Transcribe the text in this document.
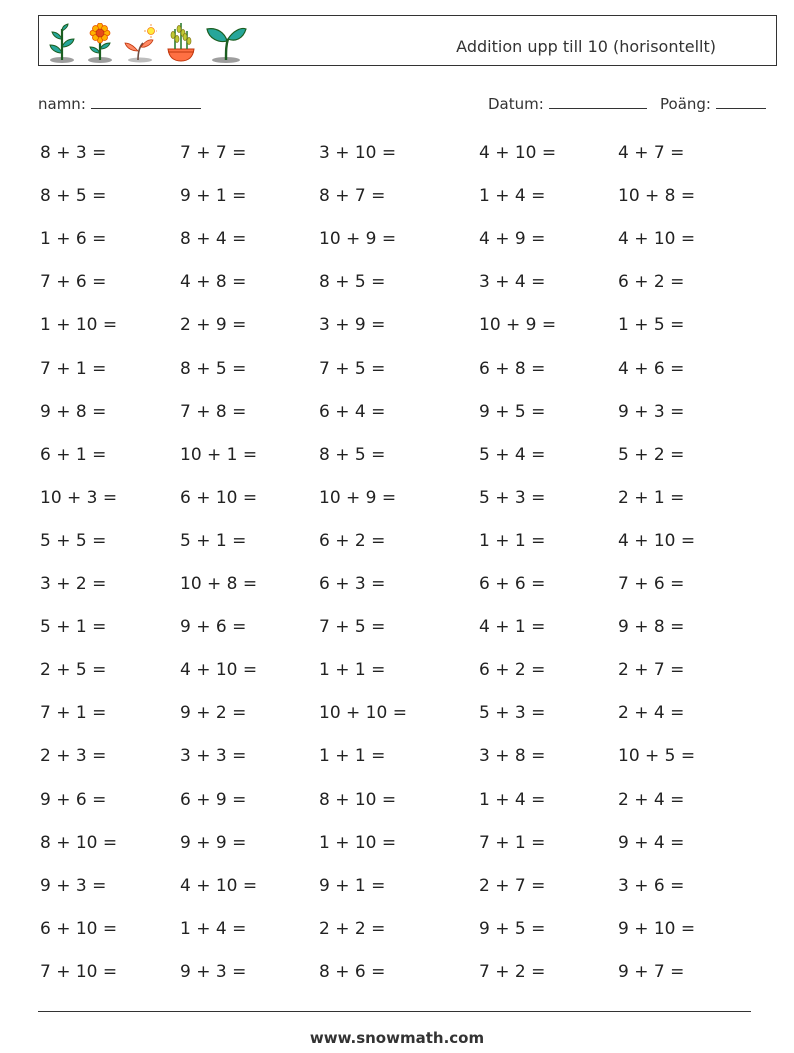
Addition upp till 10 (horisontellt)
namn:	Datum:	Poäng:
8 + 3 =	7 + 7 =	3 + 10 =	4 + 10 =	4 + 7 =
8 + 5 =	9 + 1 =	8 + 7 =	1 + 4 =	10 + 8 =
1 + 6 =	8 + 4 =	10 + 9 =	4 + 9 =	4 + 10 =
7 + 6 =	4 + 8 =	8 + 5 =	3 + 4 =	6 + 2 =
1 + 10 =	2 + 9 =	3 + 9 =	10 + 9 =	1 + 5 =
7 + 1 =	8 + 5 =	7 + 5 =	6 + 8 =	4 + 6 =
9 + 8 =	7 + 8 =	6 + 4 =	9 + 5 =	9 + 3 =
6 + 1 =	10 + 1 =	8 + 5 =	5 + 4 =	5 + 2 =
10 + 3 =	6 + 10 =	10 + 9 =	5 + 3 =	2 + 1 =
5 + 5 =	5 + 1 =	6 + 2 =	1 + 1 =	4 + 10 =
3 + 2 =	10 + 8 =	6 + 3 =	6 + 6 =	7 + 6 =
5 + 1 =	9 + 6 =	7 + 5 =	4 + 1 =	9 + 8 =
2 + 5 =	4 + 10 =	1 + 1 =	6 + 2 =	2 + 7 =
7 + 1 =	9 + 2 =	10 + 10 =	5 + 3 =	2 + 4 =
2 + 3 =	3 + 3 =	1 + 1 =	3 + 8 =	10 + 5 =
9 + 6 =	6 + 9 =	8 + 10 =	1 + 4 =	2 + 4 =
8 + 10 =	9 + 9 =	1 + 10 =	7 + 1 =	9 + 4 =
9 + 3 =	4 + 10 =	9 + 1 =	2 + 7 =	3 + 6 =
6 + 10 =	1 + 4 =	2 + 2 =	9 + 5 =	9 + 10 =
7 + 10 =	9 + 3 =	8 + 6 =	7 + 2 =	9 + 7 =
www.snowmath.com
